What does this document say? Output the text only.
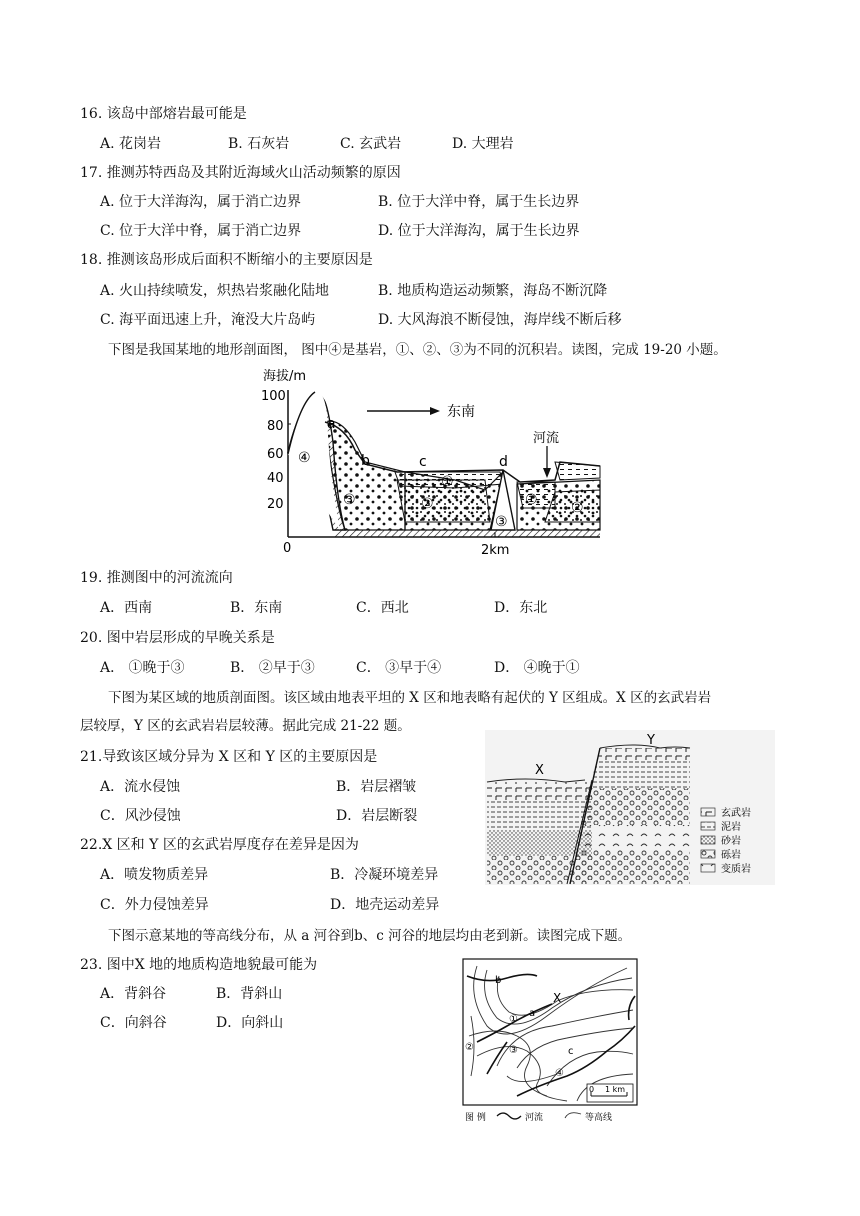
16. 该岛中部熔岩最可能是
A. 花岗岩	B. 石灰岩	C. 玄武岩	D. 大理岩
17. 推测苏特西岛及其附近海域火山活动频繁的原因
A. 位于大洋海沟，属于消亡边界	B. 位于大洋中脊，属于生长边界
C. 位于大洋中脊，属于消亡边界	D. 位于大洋海沟，属于生长边界
18. 推测该岛形成后面积不断缩小的主要原因是
A. 火山持续喷发，炽热岩浆融化陆地	B. 地质构造运动频繁，海岛不断沉降
C. 海平面迅速上升，淹没大片岛屿	D. 大风海浪不断侵蚀，海岸线不断后移
下图是我国某地的地形剖面图， 图中④是基岩，①、②、③为不同的沉积岩。读图，完成 19-20 小题。
海拔/m
100
80
60
40
20
0	2km
东南
河流
a
b	c	d
①
①
②	②
③
③
④
19. 推测图中的河流流向
A．西南	B．东南	C．西北	D．东北
20. 图中岩层形成的早晚关系是
A． ①晚于③	B． ②早于③	C． ③早于④	D． ④晚于①
下图为某区域的地质剖面图。该区域由地表平坦的 X 区和地表略有起伏的 Y 区组成。X 区的玄武岩岩
层较厚，Y 区的玄武岩岩层较薄。据此完成 21-22 题。
21.导致该区域分异为 X 区和 Y 区的主要原因是
A．流水侵蚀	B．岩层褶皱
C．风沙侵蚀	D．岩层断裂
22.X 区和 Y 区的玄武岩厚度存在差异是因为
A．喷发物质差异	B．冷凝环境差异
C．外力侵蚀差异	D．地壳运动差异
X
Y
玄武岩
泥岩
砂岩
砾岩
变质岩
下图示意某地的等高线分布，从 a 河谷到b、c 河谷的地层均由老到新。读图完成下题。
23. 图中X 地的地质构造地貌最可能为
A．背斜谷	B．背斜山
C．向斜谷	D．向斜山
X
b
a
c
①
②	③
④
0 1 km
图 例	河流	等高线
